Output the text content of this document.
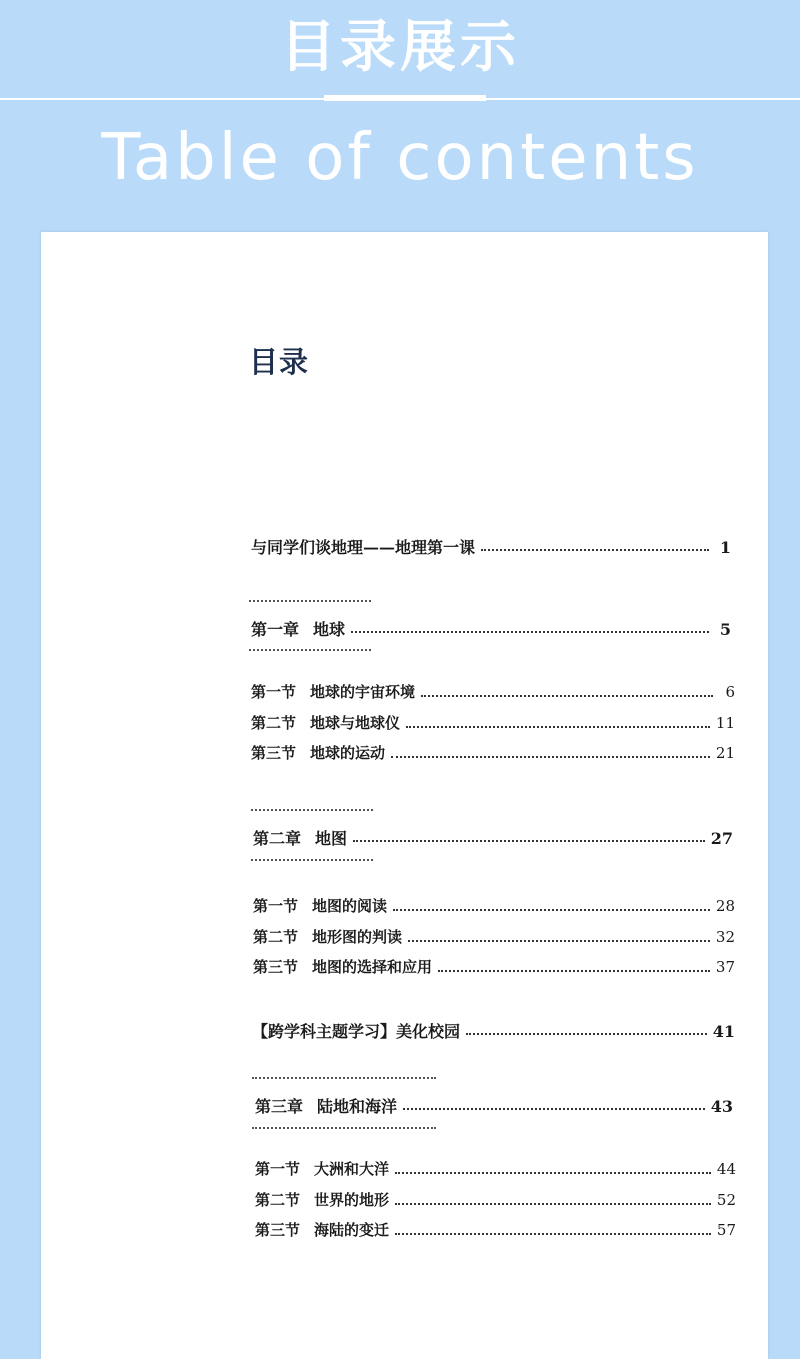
目录展示
Table of contents
目录
与同学们谈地理——地理第一课	1
第一章 地球	5
第一节 地球的宇宙环境	6
第二节 地球与地球仪	11
第三节 地球的运动	21
第二章 地图	27
第一节 地图的阅读	28
第二节 地形图的判读	32
第三节 地图的选择和应用	37
【跨学科主题学习】美化校园	41
第三章 陆地和海洋	43
第一节 大洲和大洋	44
第二节 世界的地形	52
第三节 海陆的变迁	57
